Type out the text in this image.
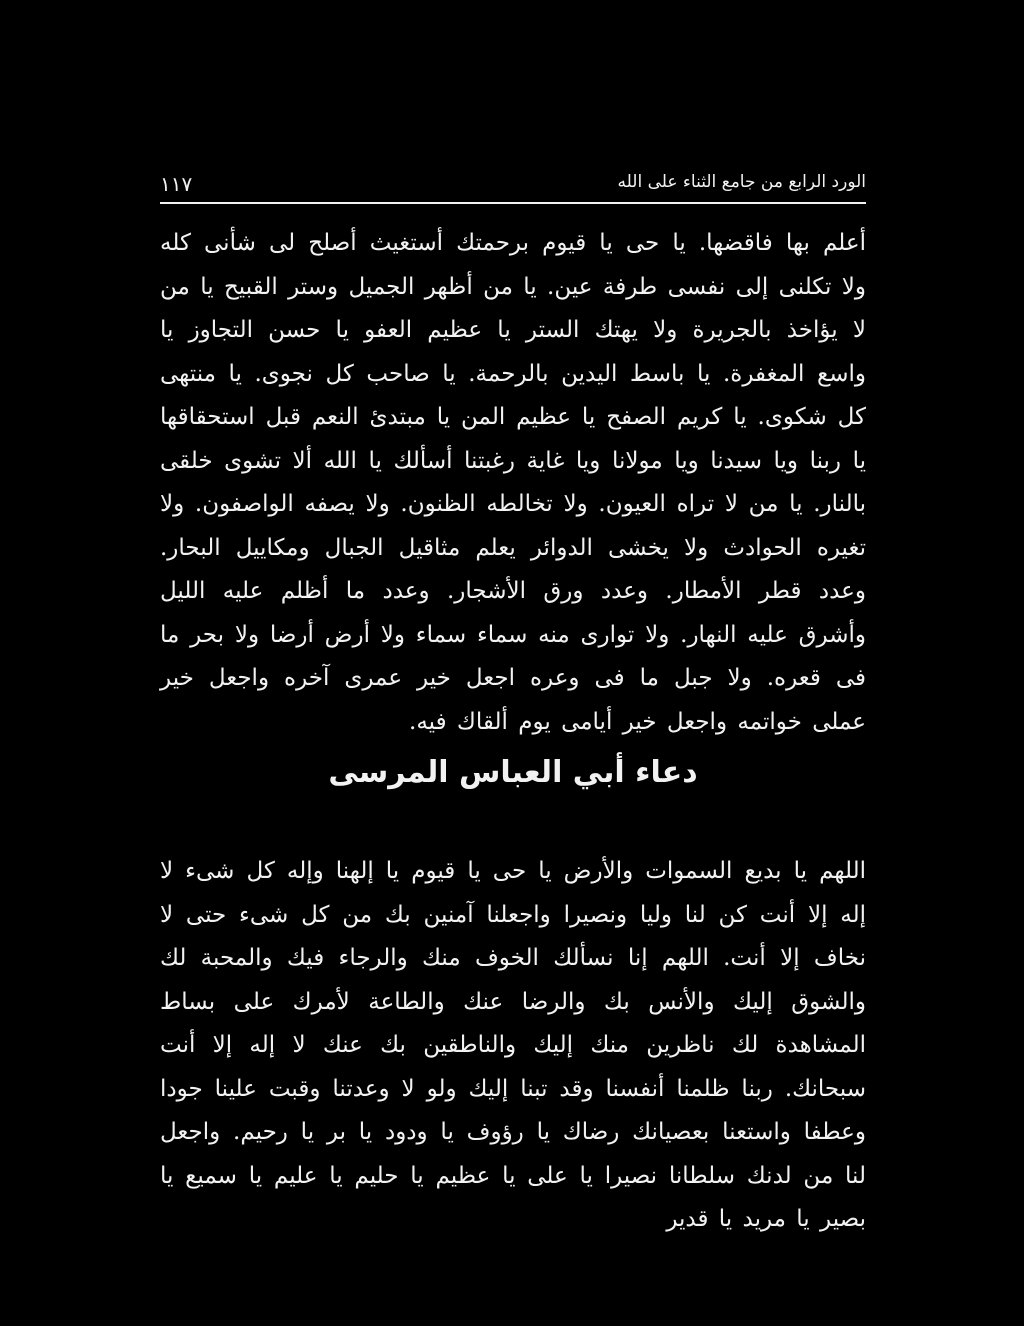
١١٧	الورد الرابع من جامع الثناء على الله

أعلم بها فاقضها. يا حى يا قيوم برحمتك أستغيث أصلح لى شأنى كله ولا تكلنى إلى نفسى طرفة عين. يا من أظهر الجميل وستر القبيح يا من لا يؤاخذ بالجريرة ولا يهتك الستر يا عظيم العفو يا حسن التجاوز يا واسع المغفرة. يا باسط اليدين بالرحمة. يا صاحب كل نجوى. يا منتهى كل شكوى. يا كريم الصفح يا عظيم المن يا مبتدئ النعم قبل استحقاقها يا ربنا ويا سيدنا ويا مولانا ويا غاية رغبتنا أسألك يا الله ألا تشوى خلقى بالنار. يا من لا تراه العيون. ولا تخالطه الظنون. ولا يصفه الواصفون. ولا تغيره الحوادث ولا يخشى الدوائر يعلم مثاقيل الجبال ومكاييل البحار. وعدد قطر الأمطار. وعدد ورق الأشجار. وعدد ما أظلم عليه الليل وأشرق عليه النهار. ولا توارى منه سماء سماء ولا أرض أرضا ولا بحر ما فى قعره. ولا جبل ما فى وعره اجعل خير عمرى آخره واجعل خير عملى خواتمه واجعل خير أيامى يوم ألقاك فيه.

دعاء أبي العباس المرسى

اللهم يا بديع السموات والأرض يا حى يا قيوم يا إلهنا وإله كل شىء لا إله إلا أنت كن لنا وليا ونصيرا واجعلنا آمنين بك من كل شىء حتى لا نخاف إلا أنت. اللهم إنا نسألك الخوف منك والرجاء فيك والمحبة لك والشوق إليك والأنس بك والرضا عنك والطاعة لأمرك على بساط المشاهدة لك ناظرين منك إليك والناطقين بك عنك لا إله إلا أنت سبحانك. ربنا ظلمنا أنفسنا وقد تبنا إليك ولو لا وعدتنا وقبت علينا جودا وعطفا واستعنا بعصيانك رضاك يا رؤوف يا ودود يا بر يا رحيم. واجعل لنا من لدنك سلطانا نصيرا يا على يا عظيم يا حليم يا عليم يا سميع يا بصير يا مريد يا قدير
